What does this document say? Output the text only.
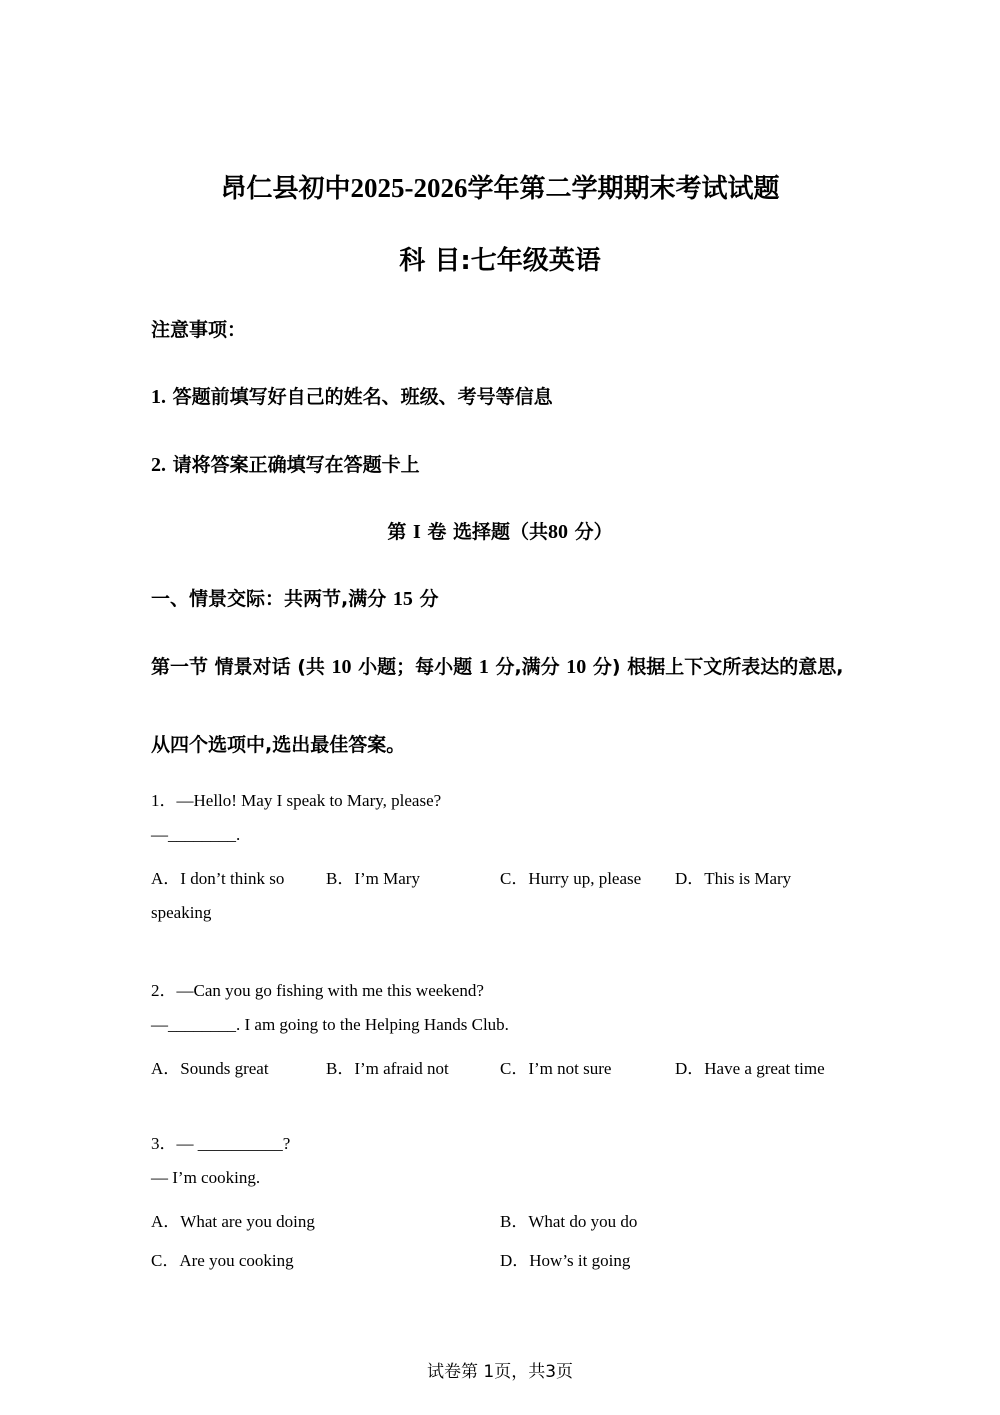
昂仁县初中2025-2026学年第二学期期末考试试题
科 目:七年级英语
注意事项：
1. 答题前填写好自己的姓名、班级、考号等信息
2. 请将答案正确填写在答题卡上
第 I 卷 选择题（共80 分）
一、情景交际：共两节,满分 15 分
第一节 情景对话 (共 10 小题；每小题 1 分,满分 10 分) 根据上下文所表达的意思,
从四个选项中,选出最佳答案。
1．—Hello! May I speak to Mary, please?
—________.
A．I don’t think so B．I’m Mary	C．Hurry up, please D．This is Mary
speaking
2．—Can you go fishing with me this weekend?
—________. I am going to the Helping Hands Club.
A．Sounds great	B．I’m afraid not	C．I’m not sure	D．Have a great time
3．— __________?
— I’m cooking.
A．What are you doing	B．What do you do
C．Are you cooking	D．How’s it going
试卷第 1页，共3页
